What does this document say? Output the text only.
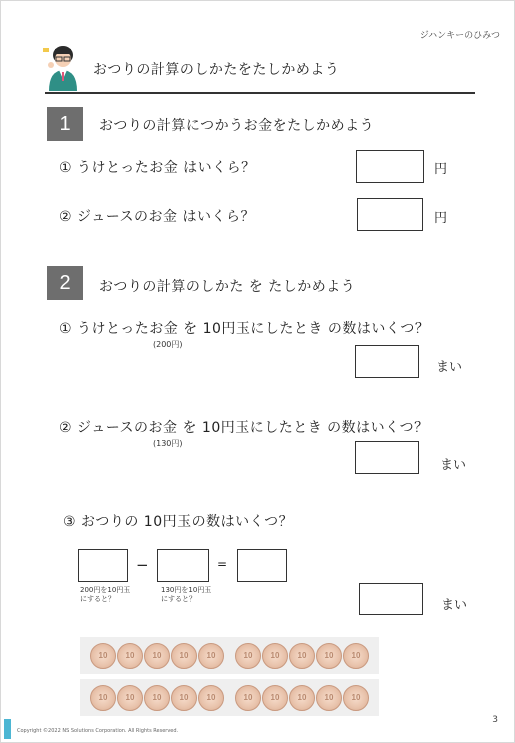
ジハンキーのひみつ
おつりの計算のしかたをたしかめよう
1	おつりの計算につかうお金をたしかめよう
① うけとったお金 はいくら？	円
② ジュースのお金 はいくら？	円
2	おつりの計算のしかた を たしかめよう
① うけとったお金 を 10円玉にしたとき の数はいくつ？
(200円)
まい
② ジュースのお金 を 10円玉にしたとき の数はいくつ？
(130円)
まい
③ おつりの 10円玉の数はいくつ？
−	=
200円を10円玉
にすると？
130円を10円玉
にすると？	まい
10	10	10	10	10	10	10	10	10	10
10	10	10	10	10	10	10	10	10	10
Copyright ©2022 NS Solutions Corporation. All Rights Reserved.
3
